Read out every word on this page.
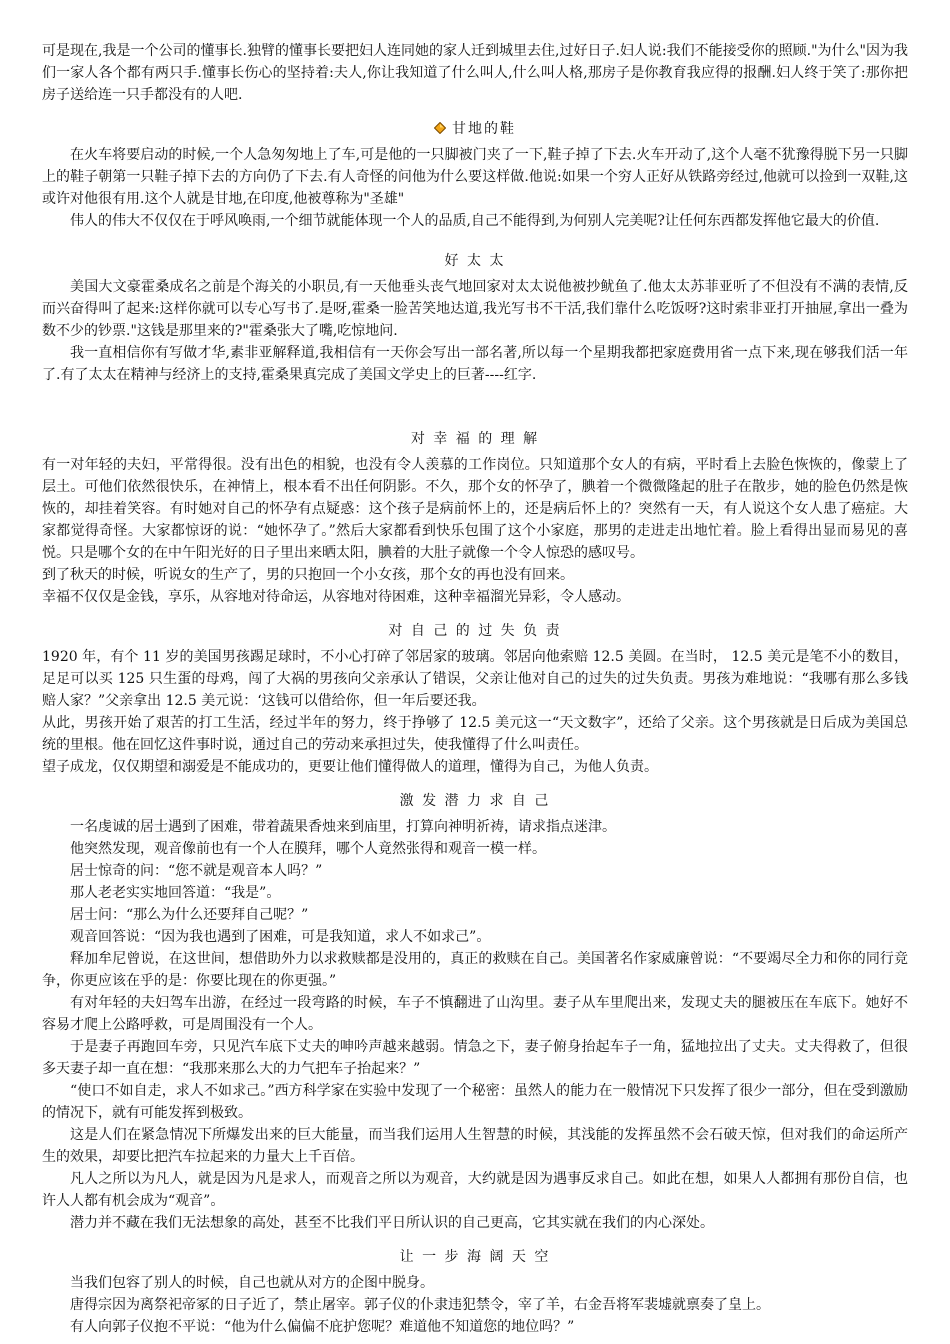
可是现在,我是一个公司的懂事长.独臂的懂事长要把妇人连同她的家人迁到城里去住,过好日子.妇人说:我们不能接受你的照顾."为什么"因为我们一家人各个都有两只手.懂事长伤心的坚持着:夫人,你让我知道了什么叫人,什么叫人格,那房子是你教育我应得的报酬.妇人终于笑了:那你把房子送给连一只手都没有的人吧.

甘地的鞋

在火车将要启动的时候,一个人急匆匆地上了车,可是他的一只脚被门夹了一下,鞋子掉了下去.火车开动了,这个人毫不犹豫得脱下另一只脚上的鞋子朝第一只鞋子掉下去的方向仍了下去.有人奇怪的问他为什么要这样做.他说:如果一个穷人正好从铁路旁经过,他就可以捡到一双鞋,这或许对他很有用.这个人就是甘地,在印度,他被尊称为"圣雄"

伟人的伟大不仅仅在于呼风唤雨,一个细节就能体现一个人的品质,自己不能得到,为何别人完美呢?让任何东西都发挥他它最大的价值.

好 太 太

美国大文豪霍桑成名之前是个海关的小职员,有一天他垂头丧气地回家对太太说他被抄鱿鱼了.他太太苏菲亚听了不但没有不满的表情,反而兴奋得叫了起来:这样你就可以专心写书了.是呀,霍桑一脸苦笑地达道,我光写书不干活,我们靠什么吃饭呀?这时索非亚打开抽屉,拿出一叠为数不少的钞票."这钱是那里来的?"霍桑张大了嘴,吃惊地问.

我一直相信你有写做才华,素非亚解释道,我相信有一天你会写出一部名著,所以每一个星期我都把家庭费用省一点下来,现在够我们活一年了.有了太太在精神与经济上的支持,霍桑果真完成了美国文学史上的巨著----红字.

对 幸 福 的 理 解

有一对年轻的夫妇，平常得很。没有出色的相貌，也没有令人羡慕的工作岗位。只知道那个女人的有病，平时看上去脸色恢恢的，像蒙上了层土。可他们依然很快乐，在神情上，根本看不出任何阴影。不久，那个女的怀孕了，腆着一个微微隆起的肚子在散步，她的脸色仍然是恢恢的，却挂着笑容。有时她对自己的怀孕有点疑惑：这个孩子是病前怀上的，还是病后怀上的？突然有一天，有人说这个女人患了癌症。大家都觉得奇怪。大家都惊讶的说：“她怀孕了。”然后大家都看到快乐包围了这个小家庭，那男的走进走出地忙着。脸上看得出显而易见的喜悦。只是哪个女的在中午阳光好的日子里出来晒太阳，腆着的大肚子就像一个令人惊恐的感叹号。

到了秋天的时候，听说女的生产了，男的只抱回一个小女孩，那个女的再也没有回来。

幸福不仅仅是金钱，享乐，从容地对待命运，从容地对待困难，这种幸福溜光异彩，令人感动。

对 自 己 的 过 失 负 责

1920 年，有个 11 岁的美国男孩踢足球时，不小心打碎了邻居家的玻璃。邻居向他索赔 12.5 美圆。在当时， 12.5 美元是笔不小的数目，足足可以买 125 只生蛋的母鸡，闯了大祸的男孩向父亲承认了错误，父亲让他对自己的过失的过失负责。男孩为难地说：“我哪有那么多钱赔人家？”父亲拿出 12.5 美元说：‘这钱可以借给你，但一年后要还我。

从此，男孩开始了艰苦的打工生活，经过半年的努力，终于挣够了 12.5 美元这一“天文数字”，还给了父亲。这个男孩就是日后成为美国总统的里根。他在回忆这件事时说，通过自己的劳动来承担过失，使我懂得了什么叫责任。

望子成龙，仅仅期望和溺爱是不能成功的，更要让他们懂得做人的道理，懂得为自己，为他人负责。

激 发 潜 力 求 自 己

一名虔诚的居士遇到了困难，带着蔬果香烛来到庙里，打算向神明祈祷，请求指点迷津。

他突然发现，观音像前也有一个人在膜拜，哪个人竟然张得和观音一模一样。

居士惊奇的问：“您不就是观音本人吗？”

那人老老实实地回答道：“我是”。

居士问：“那么为什么还要拜自己呢？”

观音回答说：“因为我也遇到了困难，可是我知道，求人不如求己”。

释加牟尼曾说，在这世间，想借助外力以求救赎都是没用的，真正的救赎在自己。美国著名作家威廉曾说：“不要竭尽全力和你的同行竞争，你更应该在乎的是：你要比现在的你更强。”

有对年轻的夫妇驾车出游，在经过一段弯路的时候，车子不慎翻进了山沟里。妻子从车里爬出来，发现丈夫的腿被压在车底下。她好不容易才爬上公路呼救，可是周围没有一个人。

于是妻子再跑回车旁，只见汽车底下丈夫的呻吟声越来越弱。情急之下，妻子俯身抬起车子一角，猛地拉出了丈夫。丈夫得救了，但很多天妻子却一直在想：“我那来那么大的力气把车子抬起来？”

“使口不如自走，求人不如求己。”西方科学家在实验中发现了一个秘密：虽然人的能力在一般情况下只发挥了很少一部分，但在受到激励的情况下，就有可能发挥到极致。

这是人们在紧急情况下所爆发出来的巨大能量，而当我们运用人生智慧的时候，其浅能的发挥虽然不会石破天惊，但对我们的命运所产生的效果，却要比把汽车拉起来的力量大上千百倍。

凡人之所以为凡人，就是因为凡是求人，而观音之所以为观音，大约就是因为遇事反求自己。如此在想，如果人人都拥有那份自信，也许人人都有机会成为“观音”。

潜力并不藏在我们无法想象的高处，甚至不比我们平日所认识的自己更高，它其实就在我们的内心深处。

让 一 步 海 阔 天 空

当我们包容了别人的时候，自己也就从对方的企图中脱身。

唐得宗因为离祭祀帝冢的日子近了，禁止屠宰。郭子仪的仆隶违犯禁令，宰了羊，右金吾将军裴墟就禀奏了皇上。

有人向郭子仪抱不平说：“他为什么偏偏不庇护您呢？难道他不知道您的地位吗？”
